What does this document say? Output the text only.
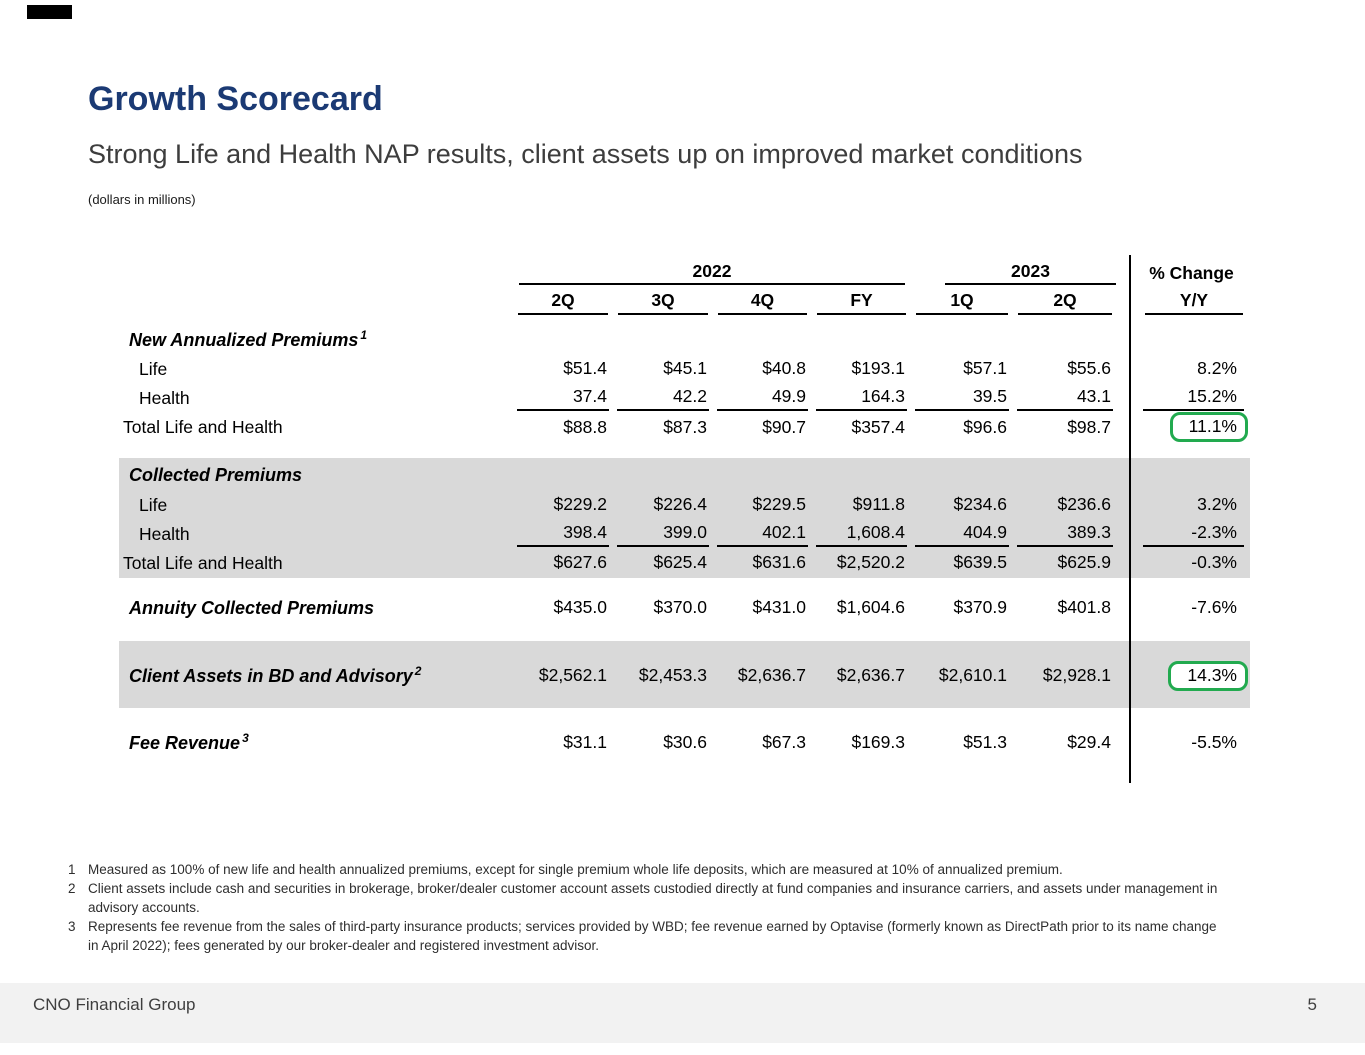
Growth Scorecard
Strong Life and Health NAP results, client assets up on improved market conditions
(dollars in millions)
2022	2023	% Change
2Q	3Q	4Q	FY	1Q	2Q	Y/Y
New Annualized Premiums $^1$
Life	$51.4	$45.1	$40.8	$193.1	$57.1	$55.6	8.2%
Health	37.4	42.2	49.9	164.3	39.5	43.1	15.2%
Total Life and Health	$88.8	$87.3	$90.7	$357.4	$96.6	$98.7	11.1%
Collected Premiums
Life	$229.2	$226.4	$229.5	$911.8	$234.6	$236.6	3.2%
Health	398.4	399.0	402.1	1,608.4	404.9	389.3	-2.3%
Total Life and Health	$627.6	$625.4	$631.6	$2,520.2	$639.5	$625.9	-0.3%
Annuity Collected Premiums	$435.0	$370.0	$431.0	$1,604.6	$370.9	$401.8	-7.6%
Client Assets in BD and Advisory $^2$	$2,562.1	$2,453.3	$2,636.7	$2,636.7	$2,610.1	$2,928.1	14.3%
Fee Revenue $^3$	$31.1	$30.6	$67.3	$169.3	$51.3	$29.4	-5.5%
1 Measured as 100% of new life and health annualized premiums, except for single premium whole life deposits, which are measured at 10% of annualized premium.
2 Client assets include cash and securities in brokerage, broker/dealer customer account assets custodied directly at fund companies and insurance carriers, and assets under management in advisory accounts.
3 Represents fee revenue from the sales of third-party insurance products; services provided by WBD; fee revenue earned by Optavise (formerly known as DirectPath prior to its name change in April 2022); fees generated by our broker-dealer and registered investment advisor.
CNO Financial Group	5
